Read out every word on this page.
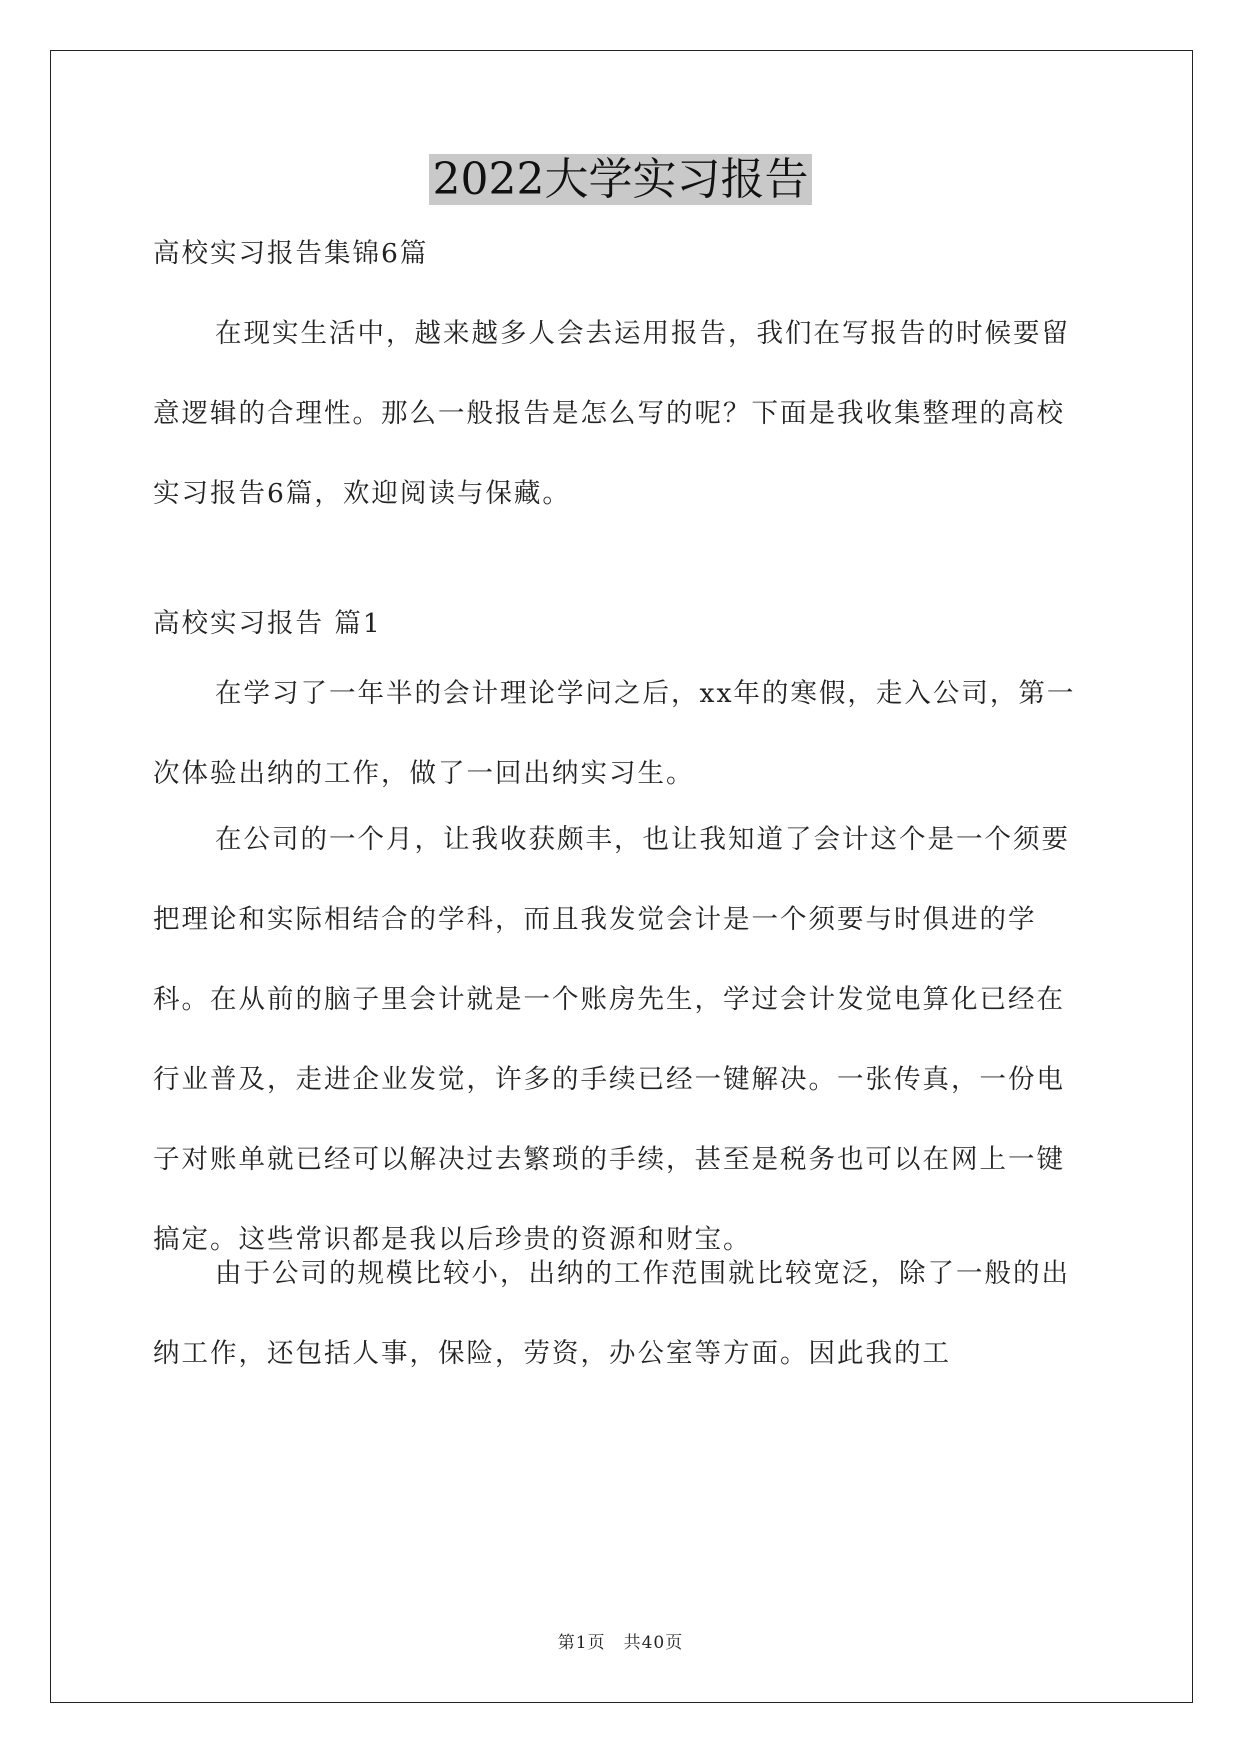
2022大学实习报告

高校实习报告集锦6篇

在现实生活中，越来越多人会去运用报告，我们在写报告的时候要留意逻辑的合理性。那么一般报告是怎么写的呢？下面是我收集整理的高校实习报告6篇，欢迎阅读与保藏。

高校实习报告 篇1

在学习了一年半的会计理论学问之后，xx年的寒假，走入公司，第一次体验出纳的工作，做了一回出纳实习生。

在公司的一个月，让我收获颇丰，也让我知道了会计这个是一个须要把理论和实际相结合的学科，而且我发觉会计是一个须要与时俱进的学科。在从前的脑子里会计就是一个账房先生，学过会计发觉电算化已经在行业普及，走进企业发觉，许多的手续已经一键解决。一张传真，一份电子对账单就已经可以解决过去繁琐的手续，甚至是税务也可以在网上一键搞定。这些常识都是我以后珍贵的资源和财宝。

由于公司的规模比较小，出纳的工作范围就比较宽泛，除了一般的出纳工作，还包括人事，保险，劳资，办公室等方面。因此我的工

第1页　共40页
